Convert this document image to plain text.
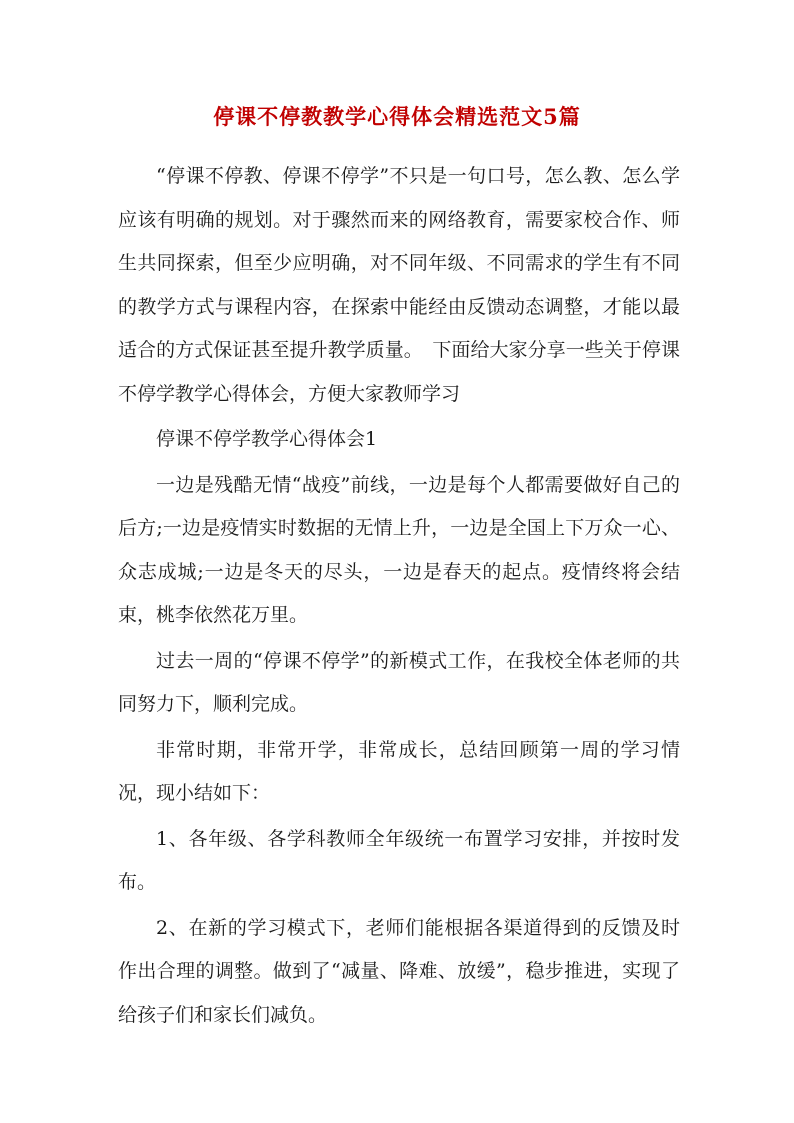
停课不停教教学心得体会精选范文5篇

“停课不停教、停课不停学”不只是一句口号，怎么教、怎么学应该有明确的规划。对于骤然而来的网络教育，需要家校合作、师生共同探索，但至少应明确，对不同年级、不同需求的学生有不同的教学方式与课程内容，在探索中能经由反馈动态调整，才能以最适合的方式保证甚至提升教学质量。　下面给大家分享一些关于停课不停学教学心得体会，方便大家教师学习

停课不停学教学心得体会1

一边是残酷无情“战疫”前线，一边是每个人都需要做好自己的后方;一边是疫情实时数据的无情上升，一边是全国上下万众一心、众志成城;一边是冬天的尽头，一边是春天的起点。疫情终将会结束，桃李依然花万里。

过去一周的“停课不停学”的新模式工作，在我校全体老师的共同努力下，顺利完成。

非常时期，非常开学，非常成长，总结回顾第一周的学习情况，现小结如下：

1、各年级、各学科教师全年级统一布置学习安排，并按时发布。

2、在新的学习模式下，老师们能根据各渠道得到的反馈及时作出合理的调整。做到了“减量、降难、放缓”，稳步推进，实现了给孩子们和家长们减负。
